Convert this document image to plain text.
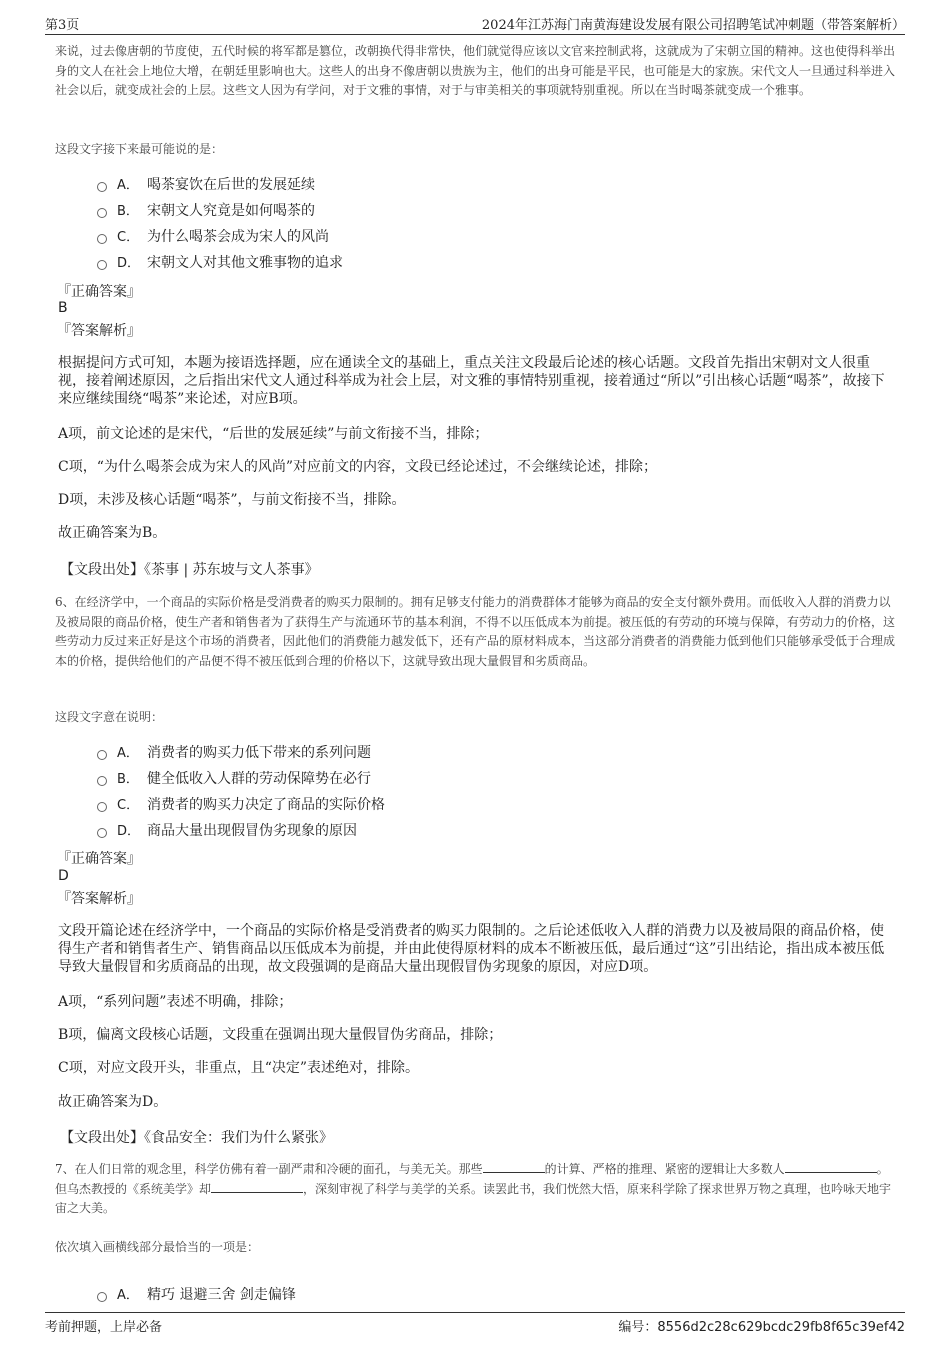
第3页	2024年江苏海门南黄海建设发展有限公司招聘笔试冲刺题（带答案解析）
来说，过去像唐朝的节度使，五代时候的将军都是篡位，改朝换代得非常快，他们就觉得应该以文官来控制武将，这就成为了宋朝立国的精神。这也使得科举出身的文人在社会上地位大增，在朝廷里影响也大。这些人的出身不像唐朝以贵族为主，他们的出身可能是平民，也可能是大的家族。宋代文人一旦通过科举进入社会以后，就变成社会的上层。这些文人因为有学问，对于文雅的事情，对于与审美相关的事项就特别重视。所以在当时喝茶就变成一个雅事。
这段文字接下来最可能说的是：
A． 喝茶宴饮在后世的发展延续
B． 宋朝文人究竟是如何喝茶的
C． 为什么喝茶会成为宋人的风尚
D． 宋朝文人对其他文雅事物的追求
『正确答案』
B
『答案解析』
根据提问方式可知，本题为接语选择题，应在通读全文的基础上，重点关注文段最后论述的核心话题。文段首先指出宋朝对文人很重视，接着阐述原因，之后指出宋代文人通过科举成为社会上层，对文雅的事情特别重视，接着通过“所以”引出核心话题“喝茶”，故接下来应继续围绕“喝茶”来论述，对应B项。
A项，前文论述的是宋代，“后世的发展延续”与前文衔接不当，排除；
C项，“为什么喝茶会成为宋人的风尚”对应前文的内容，文段已经论述过，不会继续论述，排除；
D项，未涉及核心话题“喝茶”，与前文衔接不当，排除。
故正确答案为B。
【文段出处】《茶事 | 苏东坡与文人茶事》
6、在经济学中，一个商品的实际价格是受消费者的购买力限制的。拥有足够支付能力的消费群体才能够为商品的安全支付额外费用。而低收入人群的消费力以及被局限的商品价格，使生产者和销售者为了获得生产与流通环节的基本利润，不得不以压低成本为前提。被压低的有劳动的环境与保障，有劳动力的价格，这些劳动力反过来正好是这个市场的消费者，因此他们的消费能力越发低下，还有产品的原材料成本，当这部分消费者的消费能力低到他们只能够承受低于合理成本的价格，提供给他们的产品便不得不被压低到合理的价格以下，这就导致出现大量假冒和劣质商品。
这段文字意在说明：
A． 消费者的购买力低下带来的系列问题
B． 健全低收入人群的劳动保障势在必行
C． 消费者的购买力决定了商品的实际价格
D． 商品大量出现假冒伪劣现象的原因
『正确答案』
D
『答案解析』
文段开篇论述在经济学中，一个商品的实际价格是受消费者的购买力限制的。之后论述低收入人群的消费力以及被局限的商品价格，使得生产者和销售者生产、销售商品以压低成本为前提，并由此使得原材料的成本不断被压低，最后通过“这”引出结论，指出成本被压低导致大量假冒和劣质商品的出现，故文段强调的是商品大量出现假冒伪劣现象的原因，对应D项。
A项，“系列问题”表述不明确，排除；
B项，偏离文段核心话题，文段重在强调出现大量假冒伪劣商品，排除；
C项，对应文段开头，非重点，且“决定”表述绝对，排除。
故正确答案为D。
【文段出处】《食品安全：我们为什么紧张》
7、在人们日常的观念里，科学仿佛有着一副严肃和冷硬的面孔，与美无关。那些	的计算、严格的推理、紧密的逻辑让大多数人	。但乌杰教授的《系统美学》却	，深刻审视了科学与美学的关系。读罢此书，我们恍然大悟，原来科学除了探求世界万物之真理，也吟咏天地宇宙之大美。
依次填入画横线部分最恰当的一项是：
A． 精巧 退避三舍 剑走偏锋
考前押题，上岸必备	编号：8556d2c28c629bcdc29fb8f65c39ef42
